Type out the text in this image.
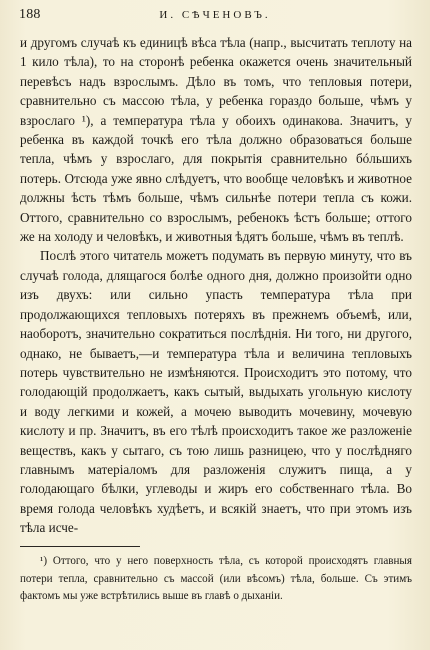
188	И. СѢЧЕНОВЪ.

и другомъ случаѣ къ единицѣ вѣса тѣла (напр., высчитать теплоту на 1 кило тѣла), то на сторонѣ ребенка окажется очень значительный перевѣсъ надъ взрослымъ. Дѣло въ томъ, что тепловыя потери, сравнительно съ массою тѣла, у ребенка гораздо больше, чѣмъ у взрослаго ¹), а температура тѣла у обоихъ одинакова. Значитъ, у ребенка въ каждой точкѣ его тѣла должно образоваться больше тепла, чѣмъ у взрослаго, для покрытія сравнительно бóльшихъ потерь. Отсюда уже явно слѣдуетъ, что вообще человѣкъ и животное должны ѣсть тѣмъ больше, чѣмъ сильнѣе потери тепла съ кожи. Оттого, сравнительно со взрослымъ, ребенокъ ѣстъ больше; оттого же на холоду и человѣкъ, и животныя ѣдятъ больше, чѣмъ въ теплѣ.

Послѣ этого читатель можетъ подумать въ первую минуту, что въ случаѣ голода, длящагося болѣе одного дня, должно произойти одно изъ двухъ: или сильно упасть температура тѣла при продолжающихся тепловыхъ потеряхъ въ прежнемъ объемѣ, или, наоборотъ, значительно сократиться послѣднія. Ни того, ни другого, однако, не бываетъ,—и температура тѣла и величина тепловыхъ потерь чувствительно не измѣняются. Происходитъ это потому, что голодающій продолжаетъ, какъ сытый, выдыхать угольную кислоту и воду легкими и кожей, а мочею выводить мочевину, мочевую кислоту и пр. Значитъ, въ его тѣлѣ происходитъ такое же разложеніе веществъ, какъ у сытаго, съ тою лишь разницею, что у послѣдняго главнымъ матеріаломъ для разложенія служитъ пища, а у голодающаго бѣлки, углеводы и жиръ его собственнаго тѣла. Во время голода человѣкъ худѣетъ, и всякій знаетъ, что при этомъ изъ тѣла исче-

¹) Оттого, что у него поверхность тѣла, съ которой происходятъ главныя потери тепла, сравнительно съ массой (или вѣсомъ) тѣла, больше. Съ этимъ фактомъ мы уже встрѣтились выше въ главѣ о дыханіи.
